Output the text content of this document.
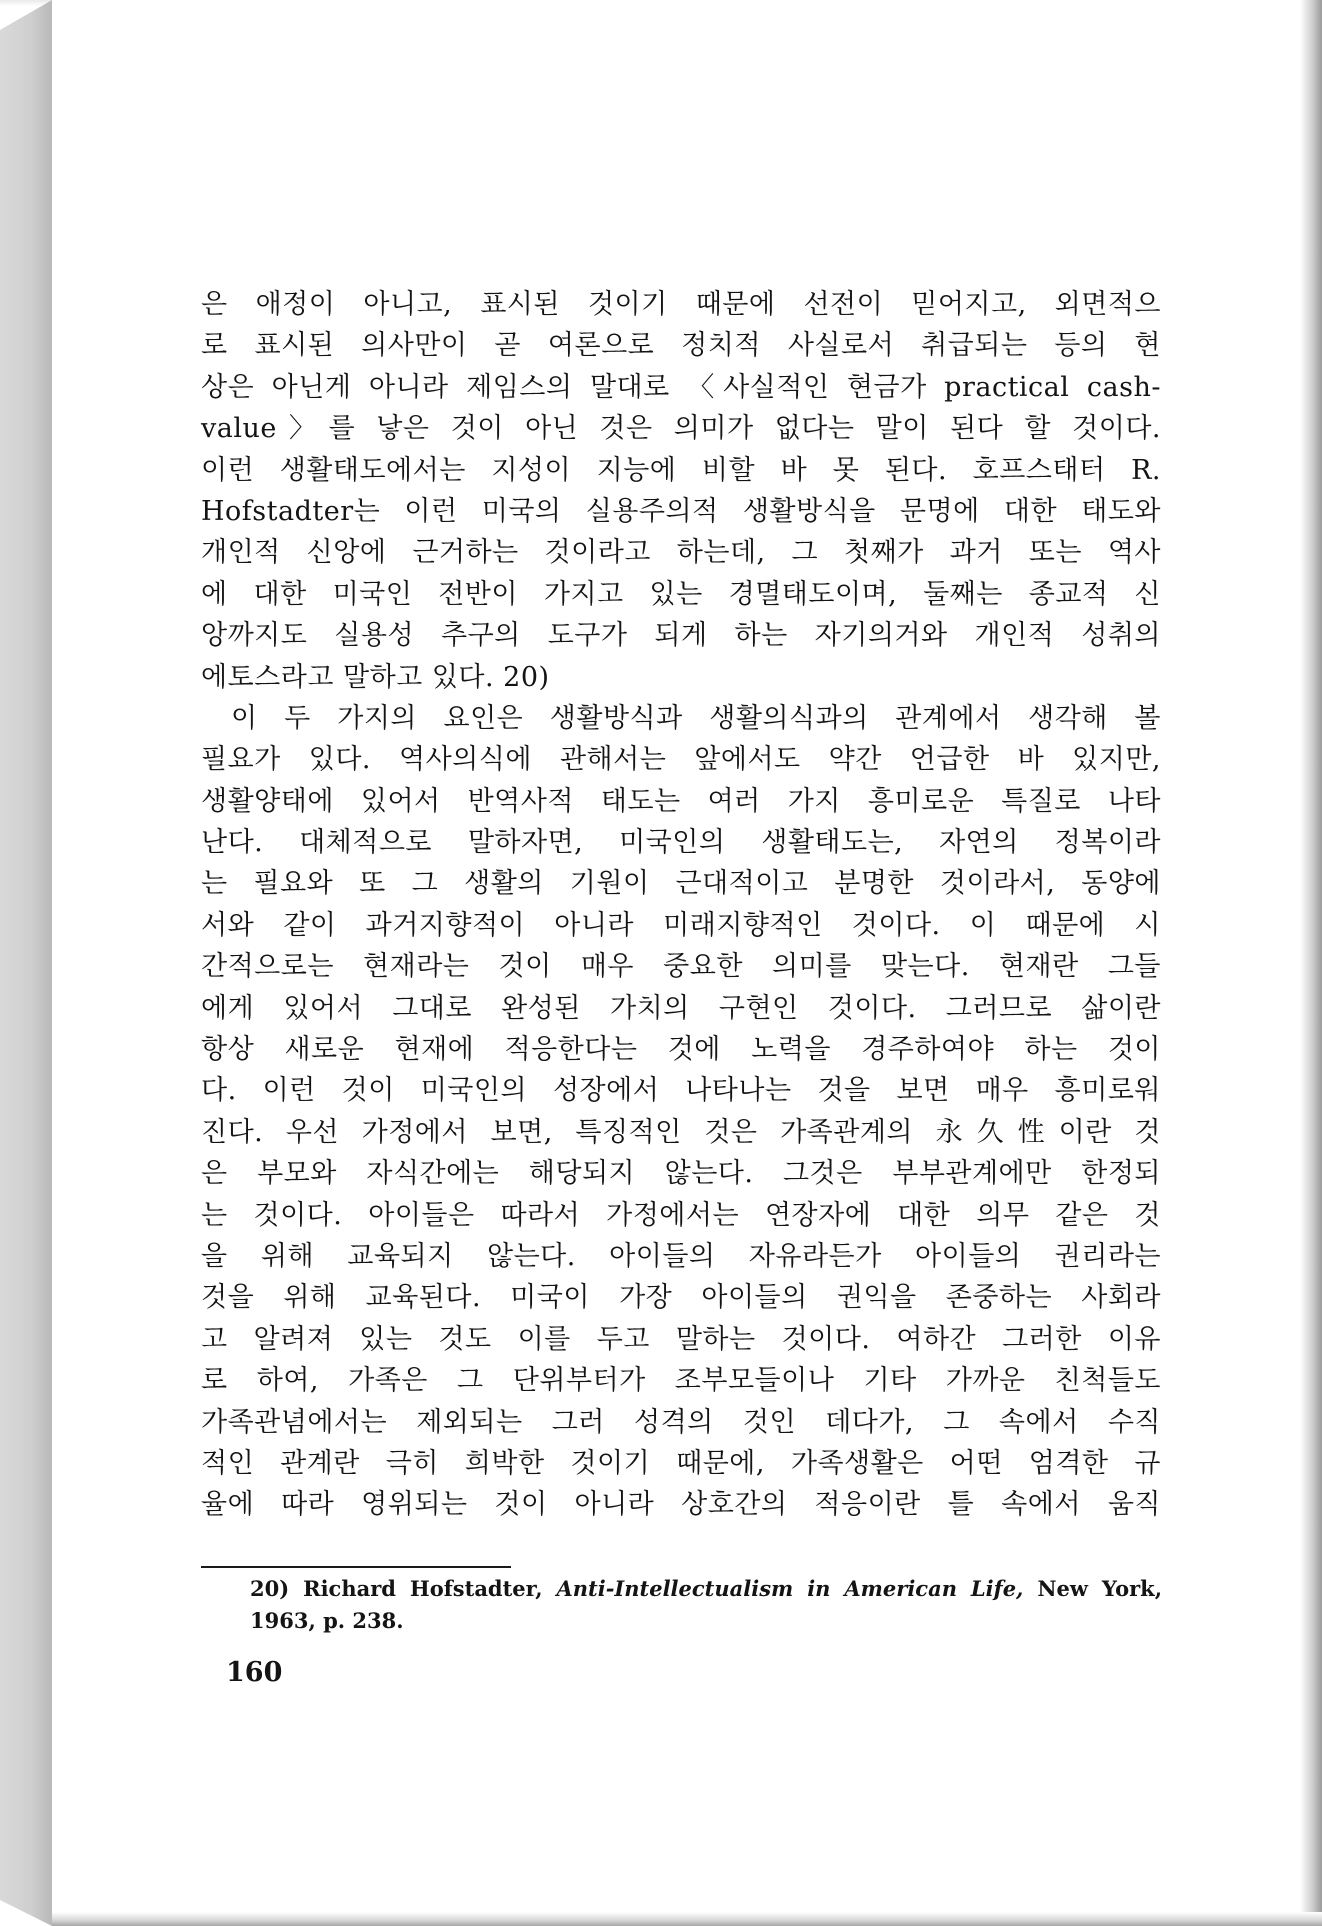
은 애정이 아니고, 표시된 것이기 때문에 선전이 믿어지고, 외면적으
로 표시된 의사만이 곧 여론으로 정치적 사실로서 취급되는 등의 현
상은 아닌게 아니라 제임스의 말대로 〈사실적인 현금가 practical cash-
value〉를 낳은 것이 아닌 것은 의미가 없다는 말이 된다 할 것이다.
이런 생활태도에서는 지성이 지능에 비할 바 못 된다. 호프스태터 R.
Hofstadter는 이런 미국의 실용주의적 생활방식을 문명에 대한 태도와
개인적 신앙에 근거하는 것이라고 하는데, 그 첫째가 과거 또는 역사
에 대한 미국인 전반이 가지고 있는 경멸태도이며, 둘째는 종교적 신
앙까지도 실용성 추구의 도구가 되게 하는 자기의거와 개인적 성취의
에토스라고 말하고 있다. 20)
이 두 가지의 요인은 생활방식과 생활의식과의 관계에서 생각해 볼
필요가 있다. 역사의식에 관해서는 앞에서도 약간 언급한 바 있지만,
생활양태에 있어서 반역사적 태도는 여러 가지 흥미로운 특질로 나타
난다. 대체적으로 말하자면, 미국인의 생활태도는, 자연의 정복이라
는 필요와 또 그 생활의 기원이 근대적이고 분명한 것이라서, 동양에
서와 같이 과거지향적이 아니라 미래지향적인 것이다. 이 때문에 시
간적으로는 현재라는 것이 매우 중요한 의미를 맞는다. 현재란 그들
에게 있어서 그대로 완성된 가치의 구현인 것이다. 그러므로 삶이란
항상 새로운 현재에 적응한다는 것에 노력을 경주하여야 하는 것이
다. 이런 것이 미국인의 성장에서 나타나는 것을 보면 매우 흥미로워
진다. 우선 가정에서 보면, 특징적인 것은 가족관계의 永久性이란 것
은 부모와 자식간에는 해당되지 않는다. 그것은 부부관계에만 한정되
는 것이다. 아이들은 따라서 가정에서는 연장자에 대한 의무 같은 것
을 위해 교육되지 않는다. 아이들의 자유라든가 아이들의 권리라는
것을 위해 교육된다. 미국이 가장 아이들의 권익을 존중하는 사회라
고 알려져 있는 것도 이를 두고 말하는 것이다. 여하간 그러한 이유
로 하여, 가족은 그 단위부터가 조부모들이나 기타 가까운 친척들도
가족관념에서는 제외되는 그러 성격의 것인 데다가, 그 속에서 수직
적인 관계란 극히 희박한 것이기 때문에, 가족생활은 어떤 엄격한 규
율에 따라 영위되는 것이 아니라 상호간의 적응이란 틀 속에서 움직
20) Richard Hofstadter, Anti-Intellectualism in American Life, New York,
1963, p. 238.
160
